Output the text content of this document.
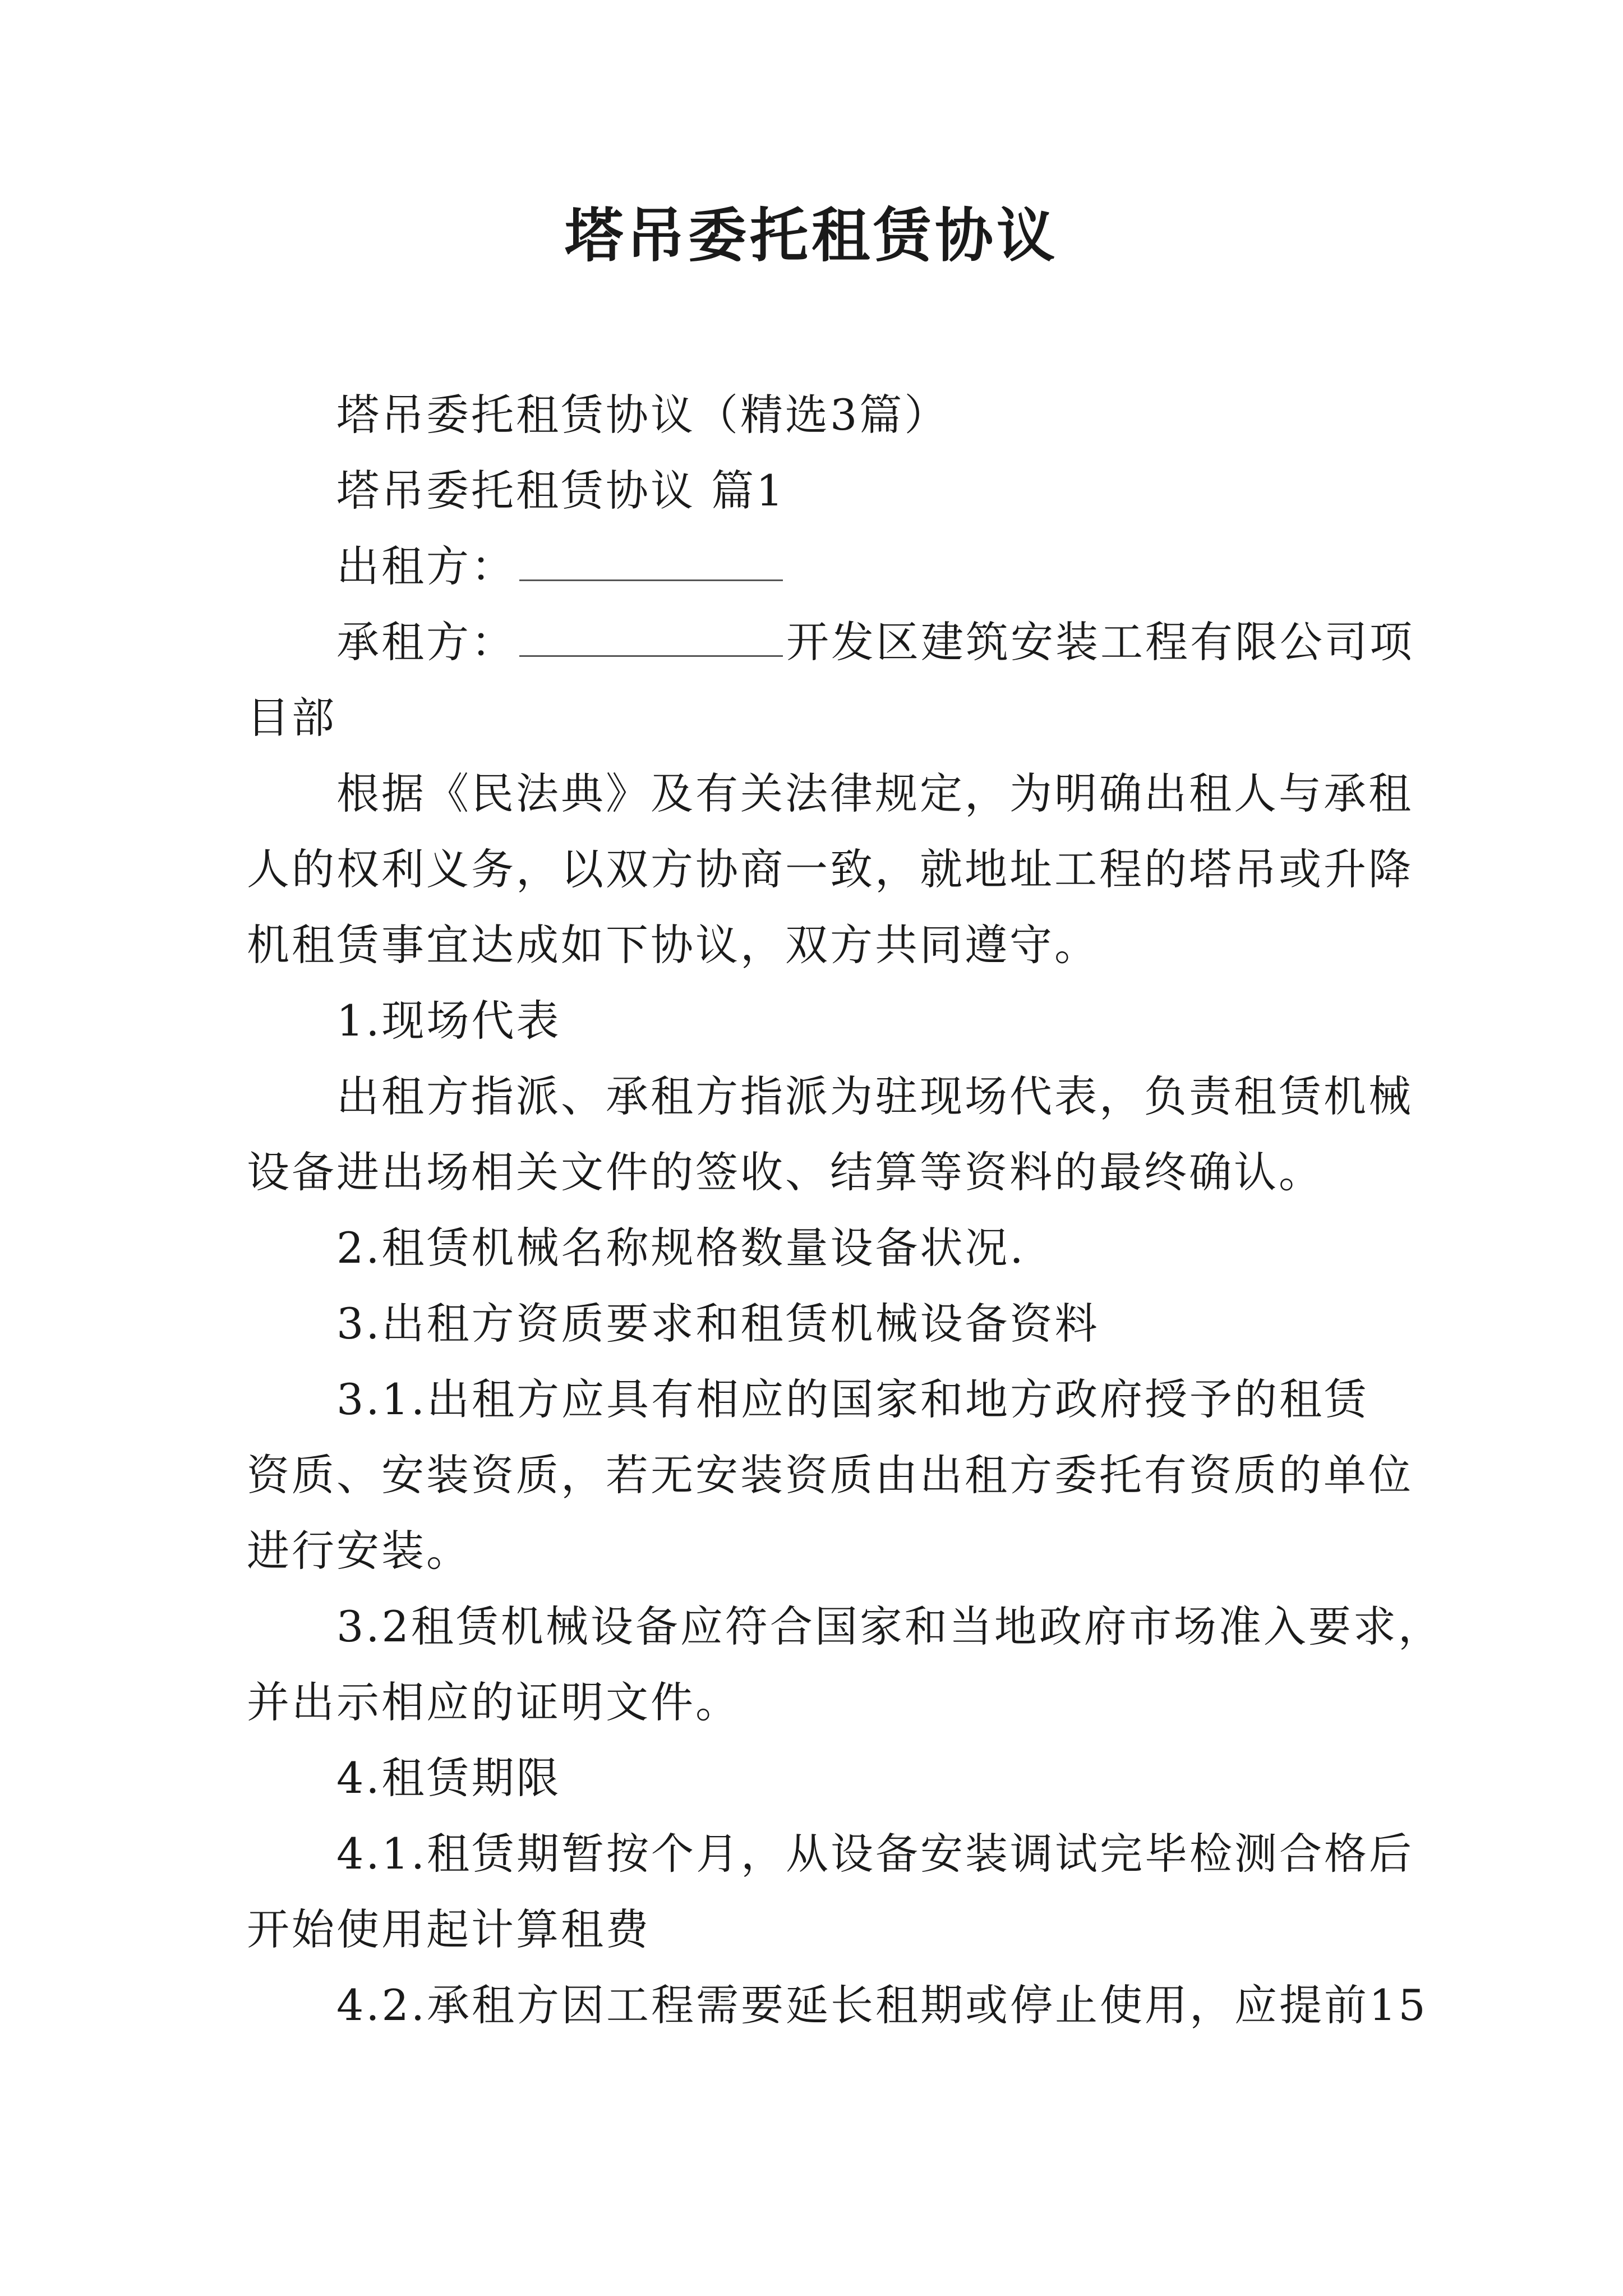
塔吊委托租赁协议
塔吊委托租赁协议（精选3篇）
塔吊委托租赁协议 篇1
出租方：
承租方：	开发区建筑安装工程有限公司项
目部
根据《民法典》及有关法律规定，为明确出租人与承租
人的权利义务，以双方协商一致，就地址工程的塔吊或升降
机租赁事宜达成如下协议，双方共同遵守。
1.现场代表
出租方指派、承租方指派为驻现场代表，负责租赁机械
设备进出场相关文件的签收、结算等资料的最终确认。
2.租赁机械名称规格数量设备状况.
3.出租方资质要求和租赁机械设备资料
3.1.出租方应具有相应的国家和地方政府授予的租赁
资质、安装资质，若无安装资质由出租方委托有资质的单位
进行安装。
3.2租赁机械设备应符合国家和当地政府市场准入要求，
并出示相应的证明文件。
4.租赁期限
4.1.租赁期暂按个月，从设备安装调试完毕检测合格后
开始使用起计算租费
4.2.承租方因工程需要延长租期或停止使用，应提前15
